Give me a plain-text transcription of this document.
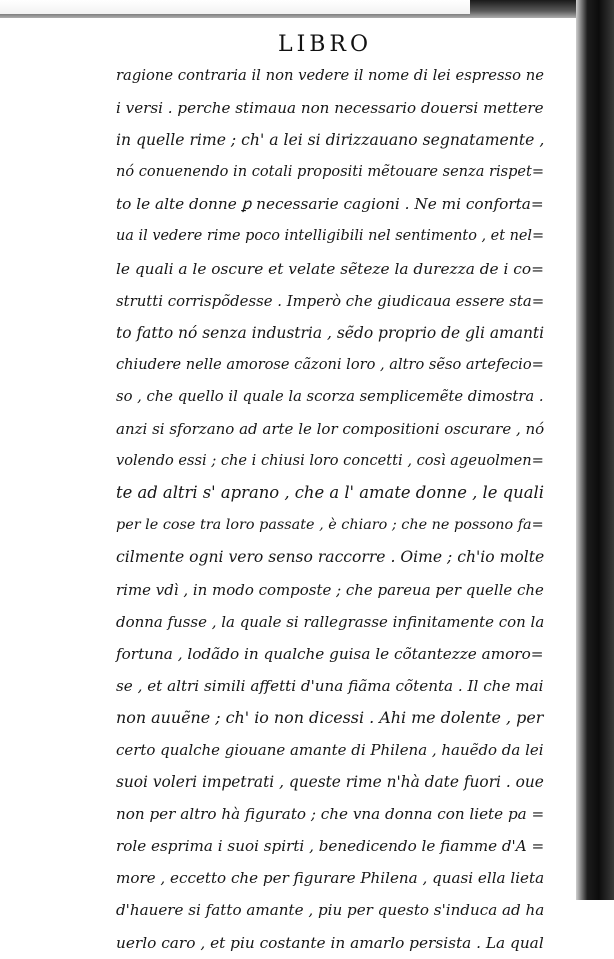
LIBRO
ragione contraria il non vedere il nome di lei espresso ne
i versi . perche stimaua non necessario douersi mettere
in quelle rime ; ch' a lei si dirizzauano segnatamente ,
nó conuenendo in cotali propositi mẽtouare senza rispet=
to le alte donne ꝑ necessarie cagioni . Ne mi conforta=
ua il vedere rime poco intelligibili nel sentimento , et nel=
le quali a le oscure et velate sẽteze la durezza de i co=
strutti corrispõdesse . Imperò che giudicaua essere sta=
to fatto nó senza industria , sẽdo proprio de gli amanti
chiudere nelle amorose cãzoni loro , altro sẽso artefecio=
so , che quello il quale la scorza semplicemẽte dimostra .
anzi si sforzano ad arte le lor compositioni oscurare , nó
volendo essi ; che i chiusi loro concetti , così ageuolmen=
te ad altri s' aprano , che a l' amate donne , le quali
per le cose tra loro passate , è chiaro ; che ne possono fa=
cilmente ogni vero senso raccorre . Oime ; ch'io molte
rime vdì , in modo composte ; che pareua per quelle che
donna fusse , la quale si rallegrasse infinitamente con la
fortuna , lodãdo in qualche guisa le cõtantezze amoro=
se , et altri simili affetti d'una fiãma cõtenta . Il che mai
non auuẽne ; ch' io non dicessi . Ahi me dolente , per
certo qualche giouane amante di Philena , hauẽdo da lei
suoi voleri impetrati , queste rime n'hà date fuori . oue
non per altro hà figurato ; che vna donna con liete pa =
role esprima i suoi spirti , benedicendo le fiamme d'A =
more , eccetto che per figurare Philena , quasi ella lieta
d'hauere si fatto amante , piu per questo s'induca ad ha
uerlo caro , et piu costante in amarlo persista . La qual
